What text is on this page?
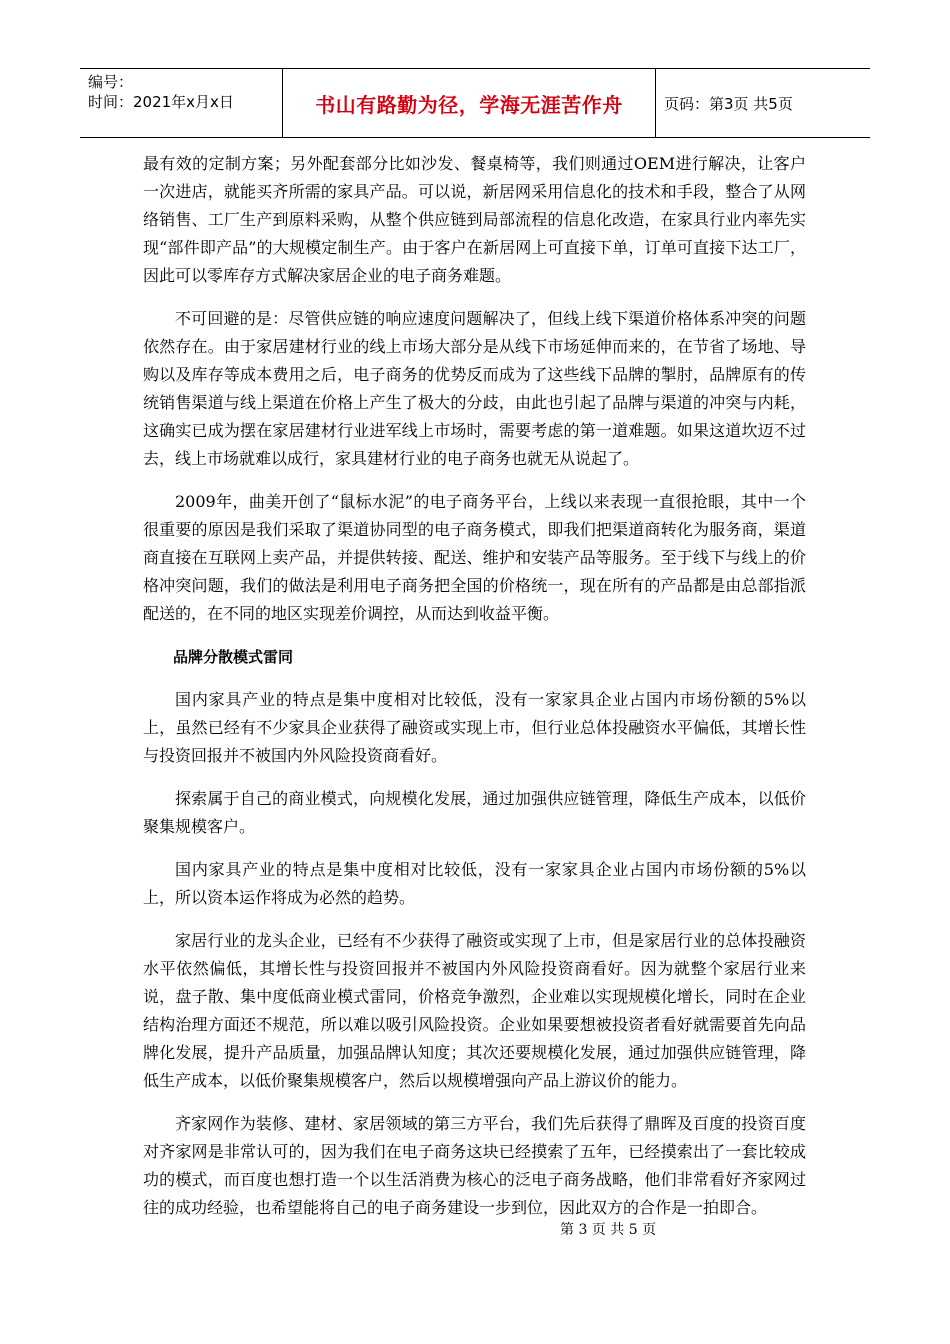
编号：
时间：2021年x月x日	书山有路勤为径，学海无涯苦作舟	页码：第3页 共5页

最有效的定制方案；另外配套部分比如沙发、餐桌椅等，我们则通过OEM进行解决，让客户一次进店，就能买齐所需的家具产品。可以说，新居网采用信息化的技术和手段，整合了从网络销售、工厂生产到原料采购，从整个供应链到局部流程的信息化改造，在家具行业内率先实现“部件即产品”的大规模定制生产。由于客户在新居网上可直接下单，订单可直接下达工厂，因此可以零库存方式解决家居企业的电子商务难题。

不可回避的是：尽管供应链的响应速度问题解决了，但线上线下渠道价格体系冲突的问题依然存在。由于家居建材行业的线上市场大部分是从线下市场延伸而来的，在节省了场地、导购以及库存等成本费用之后，电子商务的优势反而成为了这些线下品牌的掣肘，品牌原有的传统销售渠道与线上渠道在价格上产生了极大的分歧，由此也引起了品牌与渠道的冲突与内耗，这确实已成为摆在家居建材行业进军线上市场时，需要考虑的第一道难题。如果这道坎迈不过去，线上市场就难以成行，家具建材行业的电子商务也就无从说起了。

2009年，曲美开创了“鼠标水泥”的电子商务平台，上线以来表现一直很抢眼，其中一个很重要的原因是我们采取了渠道协同型的电子商务模式，即我们把渠道商转化为服务商，渠道商直接在互联网上卖产品，并提供转接、配送、维护和安装产品等服务。至于线下与线上的价格冲突问题，我们的做法是利用电子商务把全国的价格统一，现在所有的产品都是由总部指派配送的，在不同的地区实现差价调控，从而达到收益平衡。

品牌分散模式雷同

国内家具产业的特点是集中度相对比较低，没有一家家具企业占国内市场份额的5%以上，虽然已经有不少家具企业获得了融资或实现上市，但行业总体投融资水平偏低，其增长性与投资回报并不被国内外风险投资商看好。

探索属于自己的商业模式，向规模化发展，通过加强供应链管理，降低生产成本，以低价聚集规模客户。

国内家具产业的特点是集中度相对比较低，没有一家家具企业占国内市场份额的5%以上，所以资本运作将成为必然的趋势。

家居行业的龙头企业，已经有不少获得了融资或实现了上市，但是家居行业的总体投融资水平依然偏低，其增长性与投资回报并不被国内外风险投资商看好。因为就整个家居行业来说，盘子散、集中度低商业模式雷同，价格竞争激烈，企业难以实现规模化增长，同时在企业结构治理方面还不规范，所以难以吸引风险投资。企业如果要想被投资者看好就需要首先向品牌化发展，提升产品质量，加强品牌认知度；其次还要规模化发展，通过加强供应链管理，降低生产成本，以低价聚集规模客户，然后以规模增强向产品上游议价的能力。

齐家网作为装修、建材、家居领域的第三方平台，我们先后获得了鼎晖及百度的投资百度对齐家网是非常认可的，因为我们在电子商务这块已经摸索了五年，已经摸索出了一套比较成功的模式，而百度也想打造一个以生活消费为核心的泛电子商务战略，他们非常看好齐家网过往的成功经验，也希望能将自己的电子商务建设一步到位，因此双方的合作是一拍即合。

第 3 页 共 5 页
